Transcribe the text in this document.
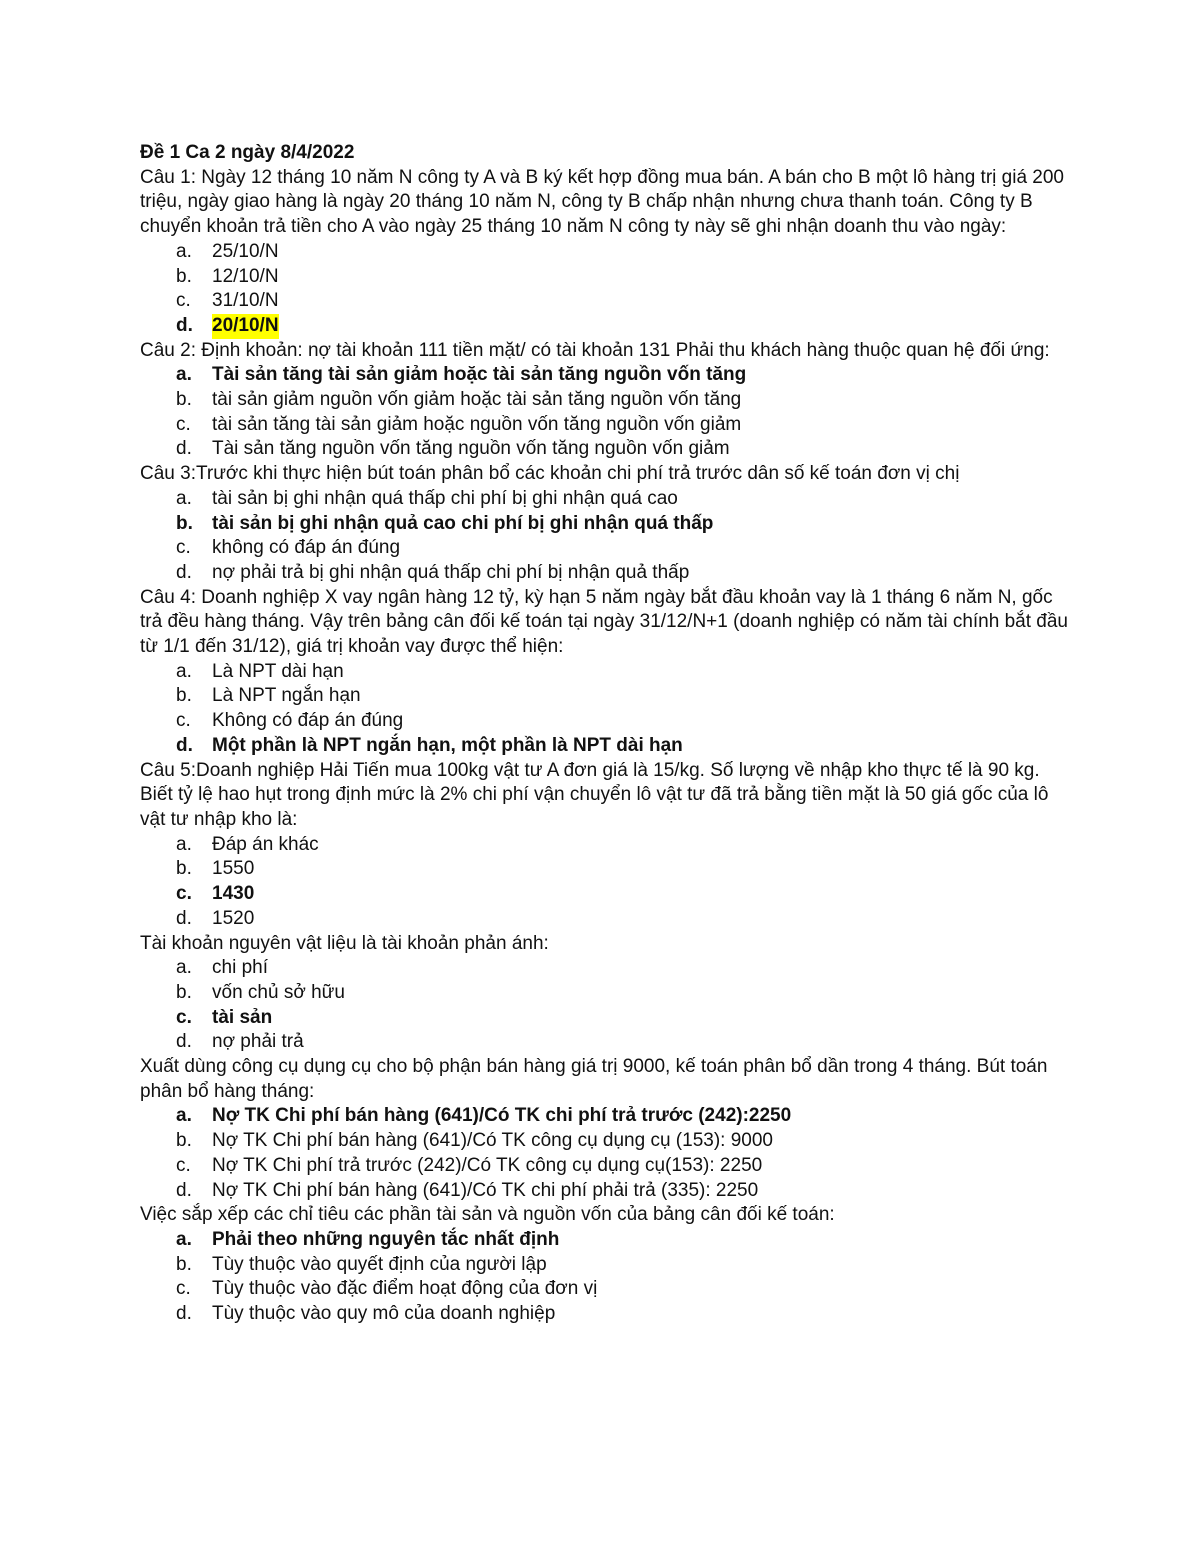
Đề 1 Ca 2 ngày 8/4/2022

Câu 1: Ngày 12 tháng 10 năm N công ty A và B ký kết hợp đồng mua bán. A bán cho B một lô hàng trị giá 200 triệu, ngày giao hàng là ngày 20 tháng 10 năm N, công ty B chấp nhận nhưng chưa thanh toán. Công ty B chuyển khoản trả tiền cho A vào ngày 25 tháng 10 năm N công ty này sẽ ghi nhận doanh thu vào ngày:

a.	25/10/N
b.	12/10/N
c.	31/10/N
d.	20/10/N

Câu 2: Định khoản: nợ tài khoản 111 tiền mặt/ có tài khoản 131 Phải thu khách hàng thuộc quan hệ đối ứng:

a.	Tài sản tăng tài sản giảm hoặc tài sản tăng nguồn vốn tăng
b.	tài sản giảm nguồn vốn giảm hoặc tài sản tăng nguồn vốn tăng
c.	tài sản tăng tài sản giảm hoặc nguồn vốn tăng nguồn vốn giảm
d.	Tài sản tăng nguồn vốn tăng nguồn vốn tăng nguồn vốn giảm

Câu 3:Trước khi thực hiện bút toán phân bổ các khoản chi phí trả trước dân số kế toán đơn vị chị

a.	tài sản bị ghi nhận quá thấp chi phí bị ghi nhận quá cao
b.	tài sản bị ghi nhận quả cao chi phí bị ghi nhận quá thấp
c.	không có đáp án đúng
d.	nợ phải trả bị ghi nhận quá thấp chi phí bị nhận quả thấp

Câu 4: Doanh nghiệp X vay ngân hàng 12 tỷ, kỳ hạn 5 năm ngày bắt đầu khoản vay là 1 tháng 6 năm N, gốc trả đều hàng tháng. Vậy trên bảng cân đối kế toán tại ngày 31/12/N+1 (doanh nghiệp có năm tài chính bắt đầu từ 1/1 đến 31/12), giá trị khoản vay được thể hiện:

a.	Là NPT dài hạn
b.	Là NPT ngắn hạn
c.	Không có đáp án đúng
d.	Một phần là NPT ngắn hạn, một phần là NPT dài hạn

Câu 5:Doanh nghiệp Hải Tiến mua 100kg vật tư A đơn giá là 15/kg. Số lượng về nhập kho thực tế là 90 kg. Biết tỷ lệ hao hụt trong định mức là 2% chi phí vận chuyển lô vật tư đã trả bằng tiền mặt là 50 giá gốc của lô vật tư nhập kho là:

a.	Đáp án khác
b.	1550
c.	1430
d.	1520

Tài khoản nguyên vật liệu là tài khoản phản ánh:

a.	chi phí
b.	vốn chủ sở hữu
c.	tài sản
d.	nợ phải trả

Xuất dùng công cụ dụng cụ cho bộ phận bán hàng giá trị 9000, kế toán phân bổ dần trong 4 tháng. Bút toán phân bổ hàng tháng:

a.	Nợ TK Chi phí bán hàng (641)/Có TK chi phí trả trước (242):2250
b.	Nợ TK Chi phí bán hàng (641)/Có TK công cụ dụng cụ (153): 9000
c.	Nợ TK Chi phí trả trước (242)/Có TK công cụ dụng cụ(153): 2250
d.	Nợ TK Chi phí bán hàng (641)/Có TK chi phí phải trả (335): 2250

Việc sắp xếp các chỉ tiêu các phần tài sản và nguồn vốn của bảng cân đối kế toán:

a.	Phải theo những nguyên tắc nhất định
b.	Tùy thuộc vào quyết định của người lập
c.	Tùy thuộc vào đặc điểm hoạt động của đơn vị
d.	Tùy thuộc vào quy mô của doanh nghiệp
